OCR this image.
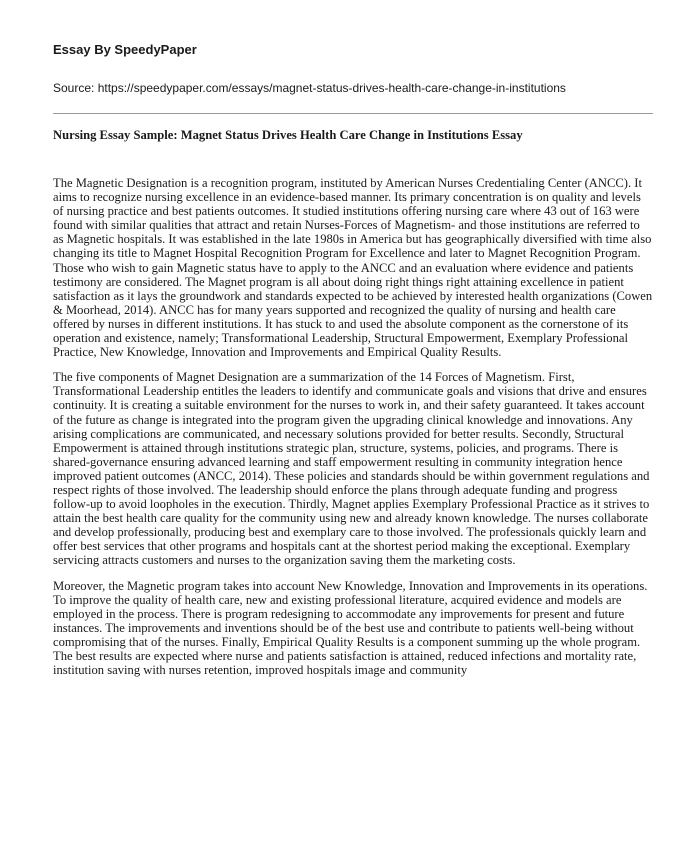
Essay By SpeedyPaper

Source: https://speedypaper.com/essays/magnet-status-drives-health-care-change-in-institutions

Nursing Essay Sample: Magnet Status Drives Health Care Change in Institutions Essay

The Magnetic Designation is a recognition program, instituted by American Nurses Credentialing Center (ANCC). It aims to recognize nursing excellence in an evidence-based manner. Its primary concentration is on quality and levels of nursing practice and best patients outcomes. It studied institutions offering nursing care where 43 out of 163 were found with similar qualities that attract and retain Nurses-Forces of Magnetism- and those institutions are referred to as Magnetic hospitals. It was established in the late 1980s in America but has geographically diversified with time also changing its title to Magnet Hospital Recognition Program for Excellence and later to Magnet Recognition Program. Those who wish to gain Magnetic status have to apply to the ANCC and an evaluation where evidence and patients testimony are considered. The Magnet program is all about doing right things right attaining excellence in patient satisfaction as it lays the groundwork and standards expected to be achieved by interested health organizations (Cowen & Moorhead, 2014). ANCC has for many years supported and recognized the quality of nursing and health care offered by nurses in different institutions. It has stuck to and used the absolute component as the cornerstone of its operation and existence, namely; Transformational Leadership, Structural Empowerment, Exemplary Professional Practice, New Knowledge, Innovation and Improvements and Empirical Quality Results.

The five components of Magnet Designation are a summarization of the 14 Forces of Magnetism. First, Transformational Leadership entitles the leaders to identify and communicate goals and visions that drive and ensures continuity. It is creating a suitable environment for the nurses to work in, and their safety guaranteed. It takes account of the future as change is integrated into the program given the upgrading clinical knowledge and innovations. Any arising complications are communicated, and necessary solutions provided for better results. Secondly, Structural Empowerment is attained through institutions strategic plan, structure, systems, policies, and programs. There is shared-governance ensuring advanced learning and staff empowerment resulting in community integration hence improved patient outcomes (ANCC, 2014). These policies and standards should be within government regulations and respect rights of those involved. The leadership should enforce the plans through adequate funding and progress follow-up to avoid loopholes in the execution. Thirdly, Magnet applies Exemplary Professional Practice as it strives to attain the best health care quality for the community using new and already known knowledge. The nurses collaborate and develop professionally, producing best and exemplary care to those involved. The professionals quickly learn and offer best services that other programs and hospitals cant at the shortest period making the exceptional. Exemplary servicing attracts customers and nurses to the organization saving them the marketing costs.

Moreover, the Magnetic program takes into account New Knowledge, Innovation and Improvements in its operations. To improve the quality of health care, new and existing professional literature, acquired evidence and models are employed in the process. There is program redesigning to accommodate any improvements for present and future instances. The improvements and inventions should be of the best use and contribute to patients well-being without compromising that of the nurses. Finally, Empirical Quality Results is a component summing up the whole program. The best results are expected where nurse and patients satisfaction is attained, reduced infections and mortality rate, institution saving with nurses retention, improved hospitals image and community
